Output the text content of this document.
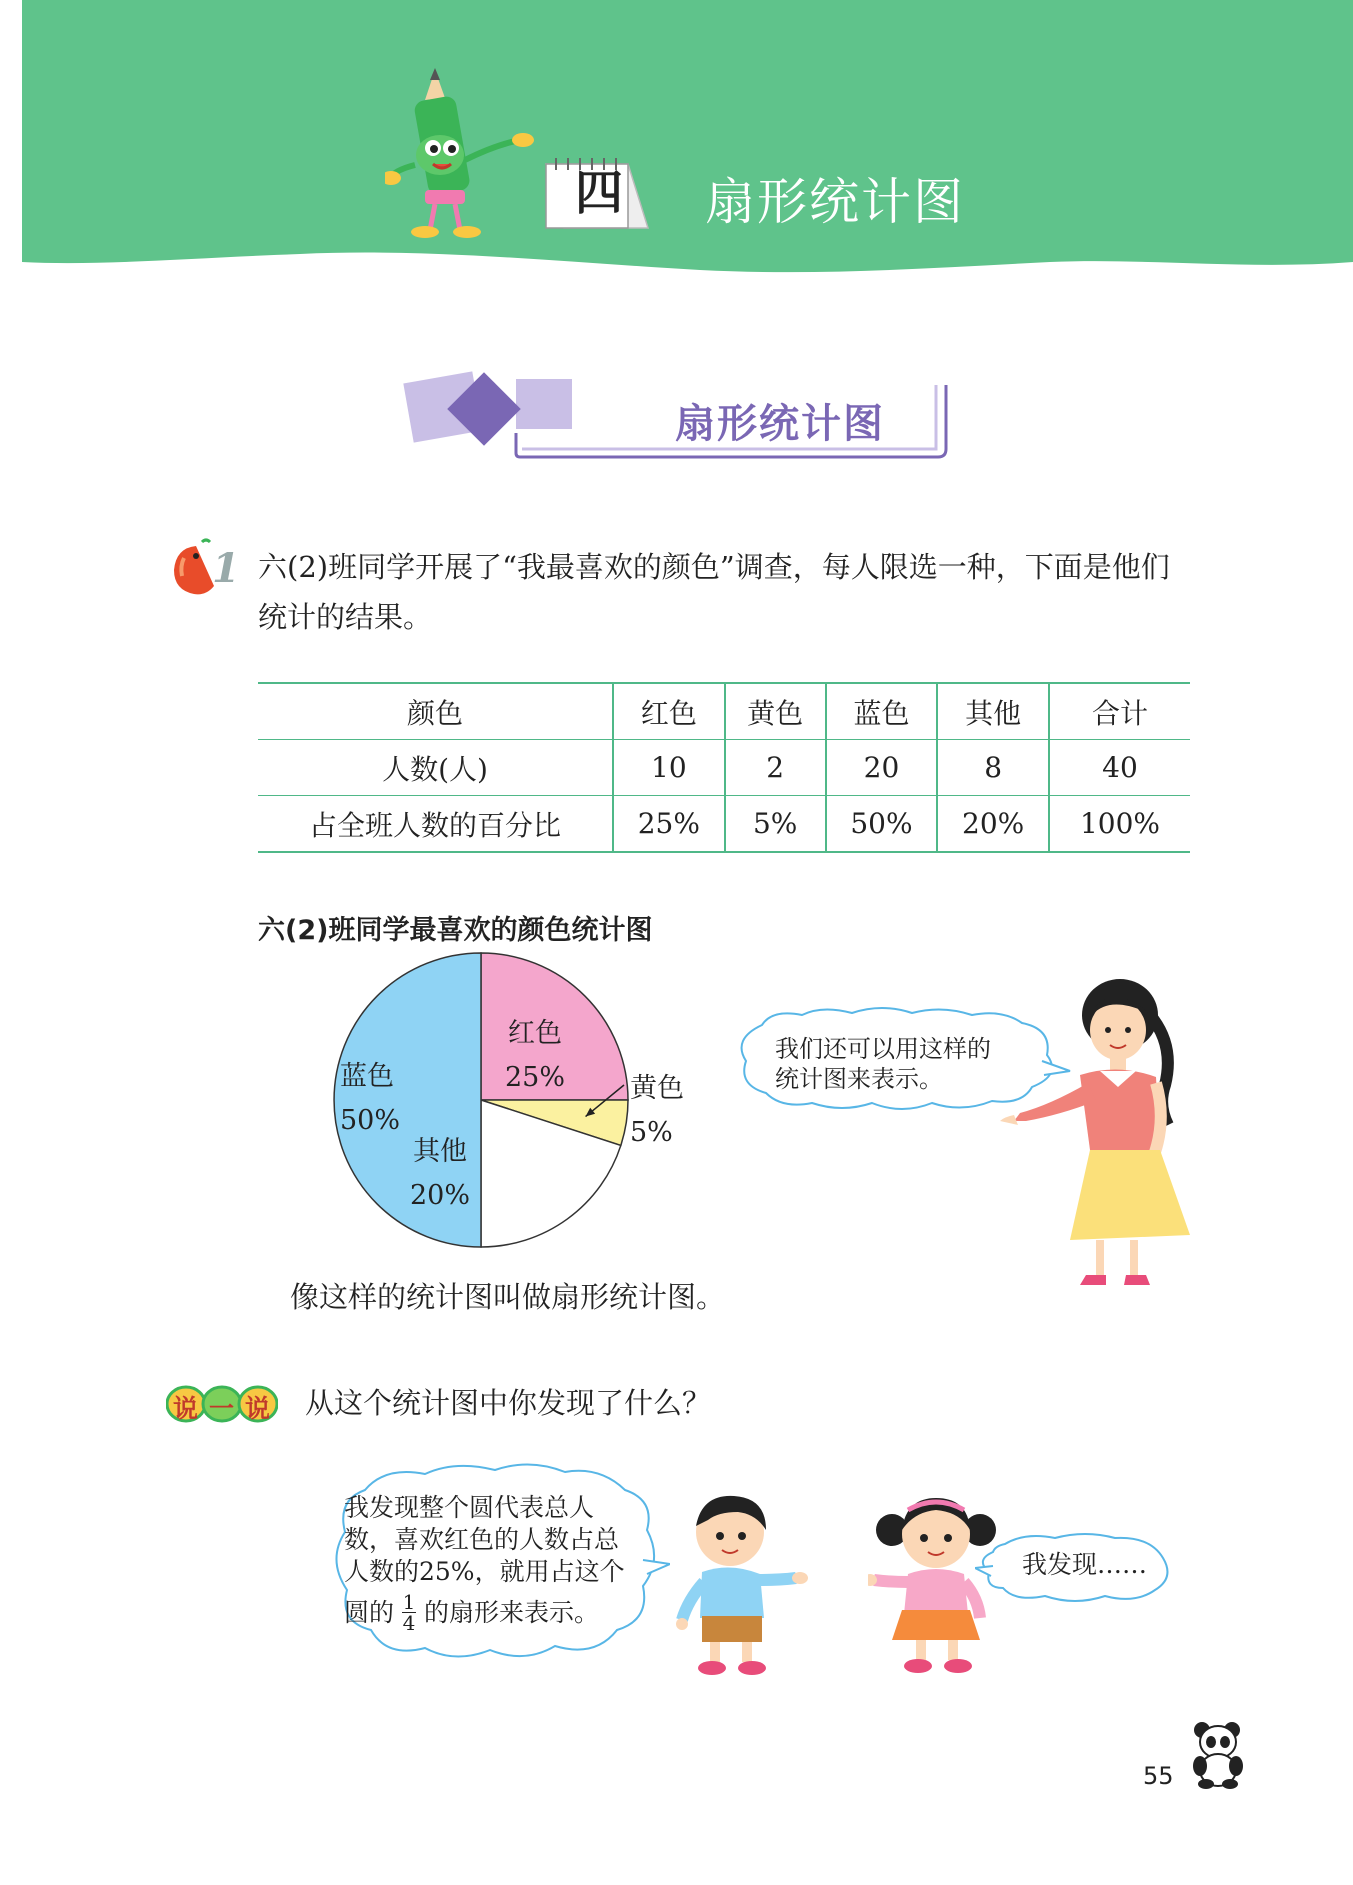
四	扇形统计图
扇形统计图
1 六(2)班同学开展了“我最喜欢的颜色”调查，每人限选一种，下面是他们
统计的结果。
颜色	红色	黄色	蓝色	其他	合计
人数(人)	10	2	20	8	40
占全班人数的百分比	25%	5%	50%	20%	100%
六(2)班同学最喜欢的颜色统计图
红色
25% 黄色
5%
其他
20%
蓝色
50%
我们还可以用这样的
统计图来表示。
像这样的统计图叫做扇形统计图。
说 一 说 从这个统计图中你发现了什么？
我发现整个圆代表总人
数，喜欢红色的人数占总
人数的25%，就用占这个
圆的 1
4 的扇形来表示。
我发现……
55
